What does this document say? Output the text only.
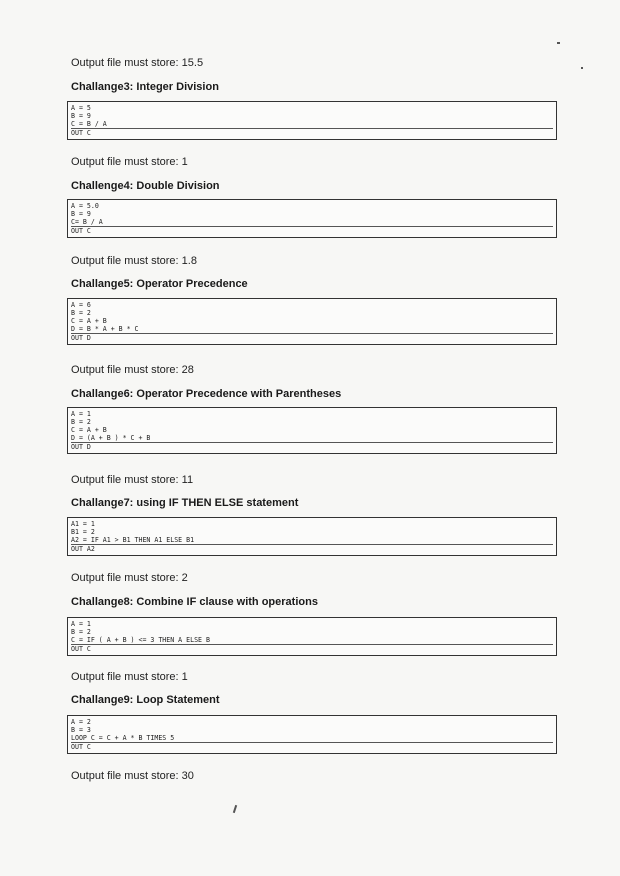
Output file must store: 15.5
Challange3: Integer Division
A = 5
B = 9
C = B / A
OUT C
Output file must store: 1
Challenge4: Double Division
A = 5.0
B = 9
C= B / A
OUT C
Output file must store: 1.8
Challange5: Operator Precedence
A = 6
B = 2
C = A + B
D = B * A + B * C
OUT D
Output file must store: 28
Challange6: Operator Precedence with Parentheses
A = 1
B = 2
C = A + B
D = (A + B ) * C + B
OUT D
Output file must store: 11
Challange7: using IF THEN ELSE statement
A1 = 1
B1 = 2
A2 = IF A1 > B1 THEN A1 ELSE B1
OUT A2
Output file must store: 2
Challange8: Combine IF clause with operations
A = 1
B = 2
C = IF ( A + B ) <= 3 THEN A ELSE B
OUT C
Output file must store: 1
Challange9: Loop Statement
A = 2
B = 3
LOOP C = C + A * B TIMES 5
OUT C
Output file must store: 30
